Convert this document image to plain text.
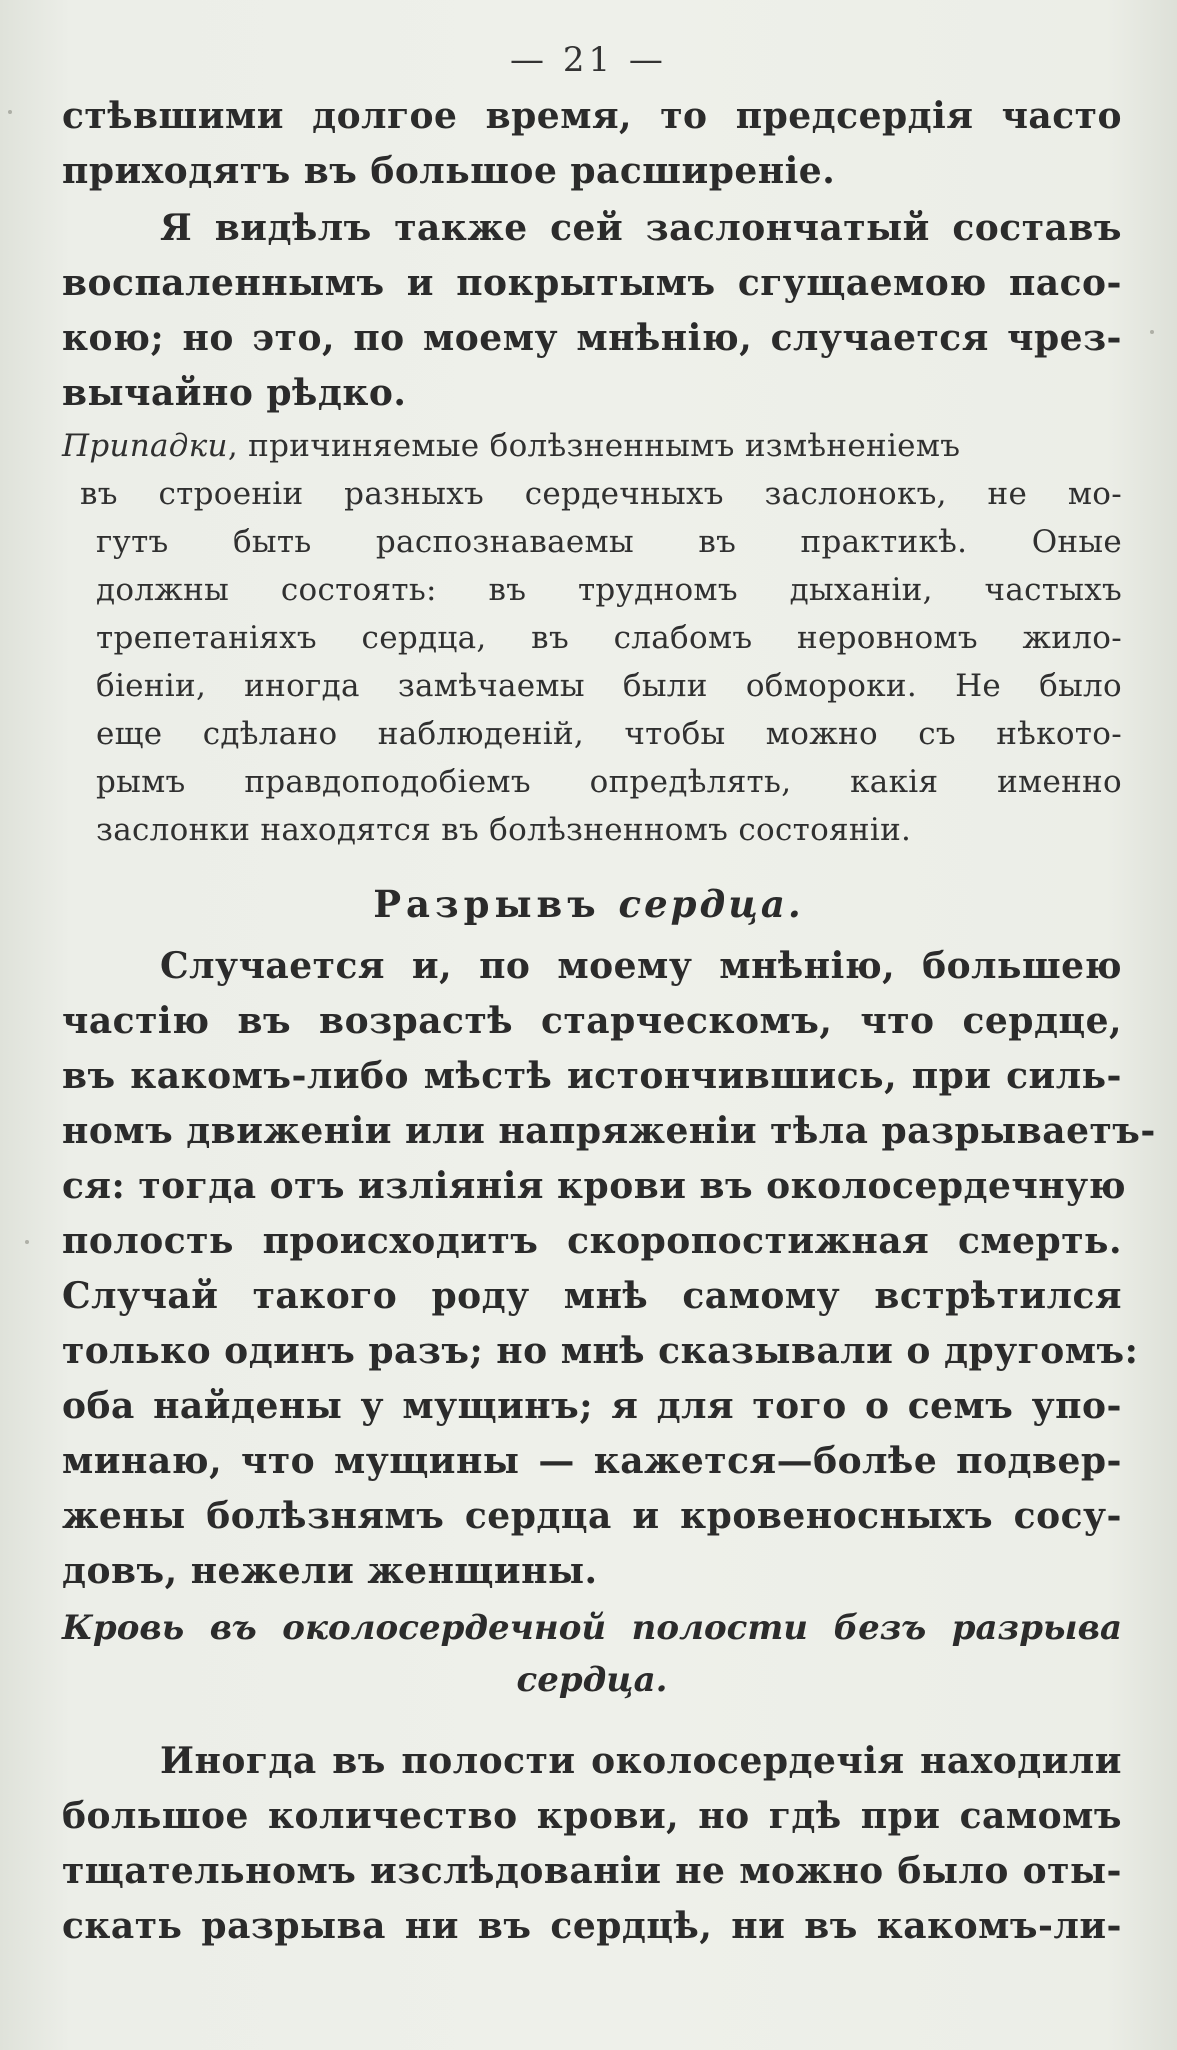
— 21 —
стѣвшими долгое время, то предсердія часто
приходятъ въ большое расширеніе.
Я видѣлъ также сей заслончатый составъ
воспаленнымъ и покрытымъ сгущаемою пасо-
кою; но это, по моему мнѣнію, случается чрез-
вычайно рѣдко.
Припадки, причиняемые болѣзненнымъ измѣненіемъ
въ строеніи разныхъ сердечныхъ заслонокъ, не мо-
гутъ быть распознаваемы въ практикѣ. Оные
должны состоять: въ трудномъ дыханіи, частыхъ
трепетаніяхъ сердца, въ слабомъ неровномъ жило-
біеніи, иногда замѣчаемы были обмороки. Не было
еще сдѣлано наблюденій, чтобы можно съ нѣкото-
рымъ правдоподобіемъ опредѣлять, какія именно
заслонки находятся въ болѣзненномъ состояніи.
Разрывъ сердца.
Случается и, по моему мнѣнію, большею
частію въ возрастѣ старческомъ, что сердце,
въ какомъ-либо мѣстѣ истончившись, при силь-
номъ движеніи или напряженіи тѣла разрываетъ-
ся: тогда отъ изліянія крови въ околосердечную
полость происходитъ скоропостижная смерть.
Случай такого роду мнѣ самому встрѣтился
только одинъ разъ; но мнѣ сказывали о другомъ:
оба найдены у мущинъ; я для того о семъ упо-
минаю, что мущины — кажется—болѣе подвер-
жены болѣзнямъ сердца и кровеносныхъ сосу-
довъ, нежели женщины.
Кровь въ околосердечной полости безъ разрыва
сердца.
Иногда въ полости околосердечія находили
большое количество крови, но гдѣ при самомъ
тщательномъ изслѣдованіи не можно было оты-
скать разрыва ни въ сердцѣ, ни въ какомъ-ли-
